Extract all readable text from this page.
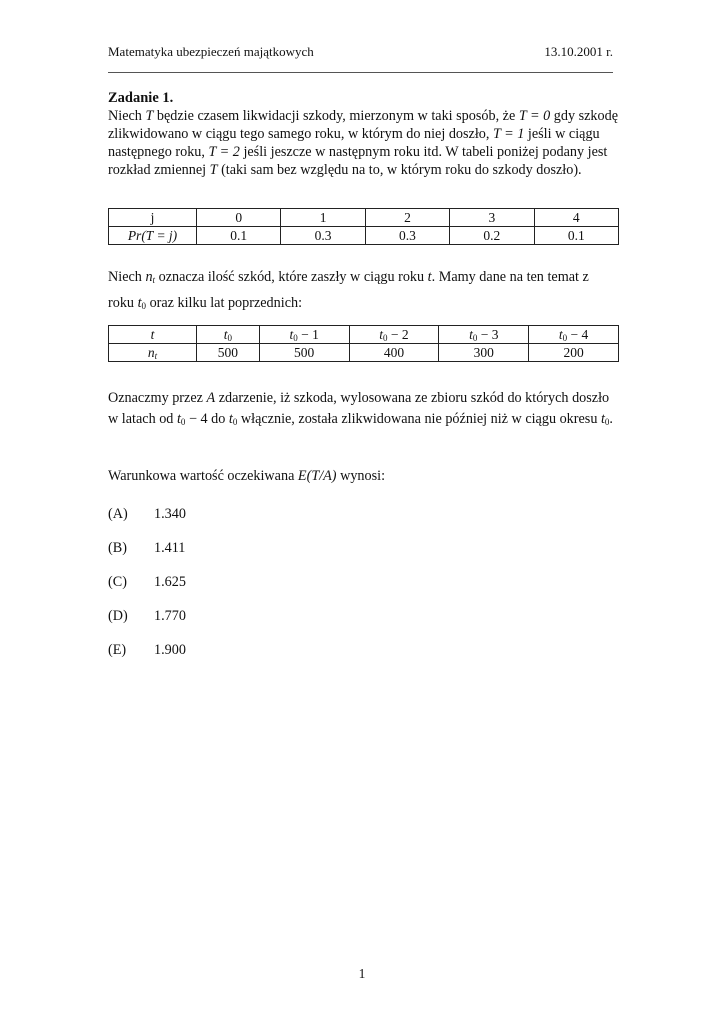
Matematyka ubezpieczeń majątkowych	13.10.2001 r.
Zadanie 1.
Niech T będzie czasem likwidacji szkody, mierzonym w taki sposób, że T = 0 gdy szkodę zlikwidowano w ciągu tego samego roku, w którym do niej doszło, T = 1 jeśli w ciągu następnego roku, T = 2 jeśli jeszcze w następnym roku itd. W tabeli poniżej podany jest rozkład zmiennej T (taki sam bez względu na to, w którym roku do szkody doszło).
j	0	1	2	3	4
Pr(T = j)	0.1	0.3	0.3	0.2	0.1
Niech $n_t$ oznacza ilość szkód, które zaszły w ciągu roku t. Mamy dane na ten temat z roku $t_0$ oraz kilku lat poprzednich:
t	$t_0$	$t_0 - 1$	$t_0 - 2$	$t_0 - 3$	$t_0 - 4$
$n_t$	500	500	400	300	200
Oznaczmy przez A zdarzenie, iż szkoda, wylosowana ze zbioru szkód do których doszło w latach od $t_0 - 4$ do $t_0$ włącznie, została zlikwidowana nie później niż w ciągu okresu $t_0$.
Warunkowa wartość oczekiwana E(T/A) wynosi:
(A) 1.340
(B) 1.411
(C) 1.625
(D) 1.770
(E) 1.900
1
